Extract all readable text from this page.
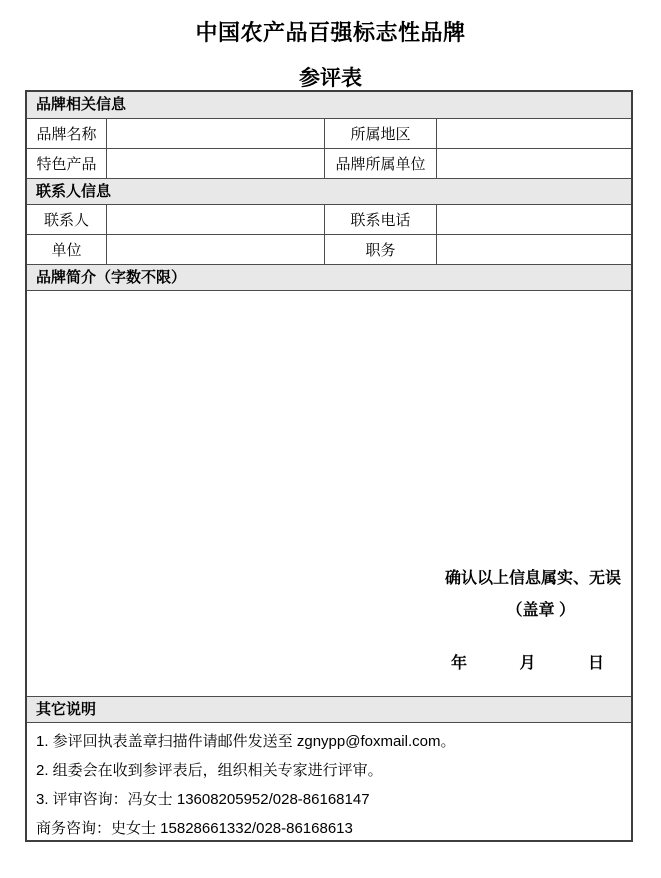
中国农产品百强标志性品牌
参评表
品牌相关信息
品牌名称	所属地区
特色产品	品牌所属单位
联系人信息
联系人	联系电话
单位	职务
品牌简介（字数不限）
确认以上信息属实、无误
（盖章 ）
年	月	日
其它说明
1. 参评回执表盖章扫描件请邮件发送至 zgnypp@foxmail.com。
2. 组委会在收到参评表后，组织相关专家进行评审。
3. 评审咨询：冯女士 13608205952/028-86168147
商务咨询：史女士 15828661332/028-86168613
